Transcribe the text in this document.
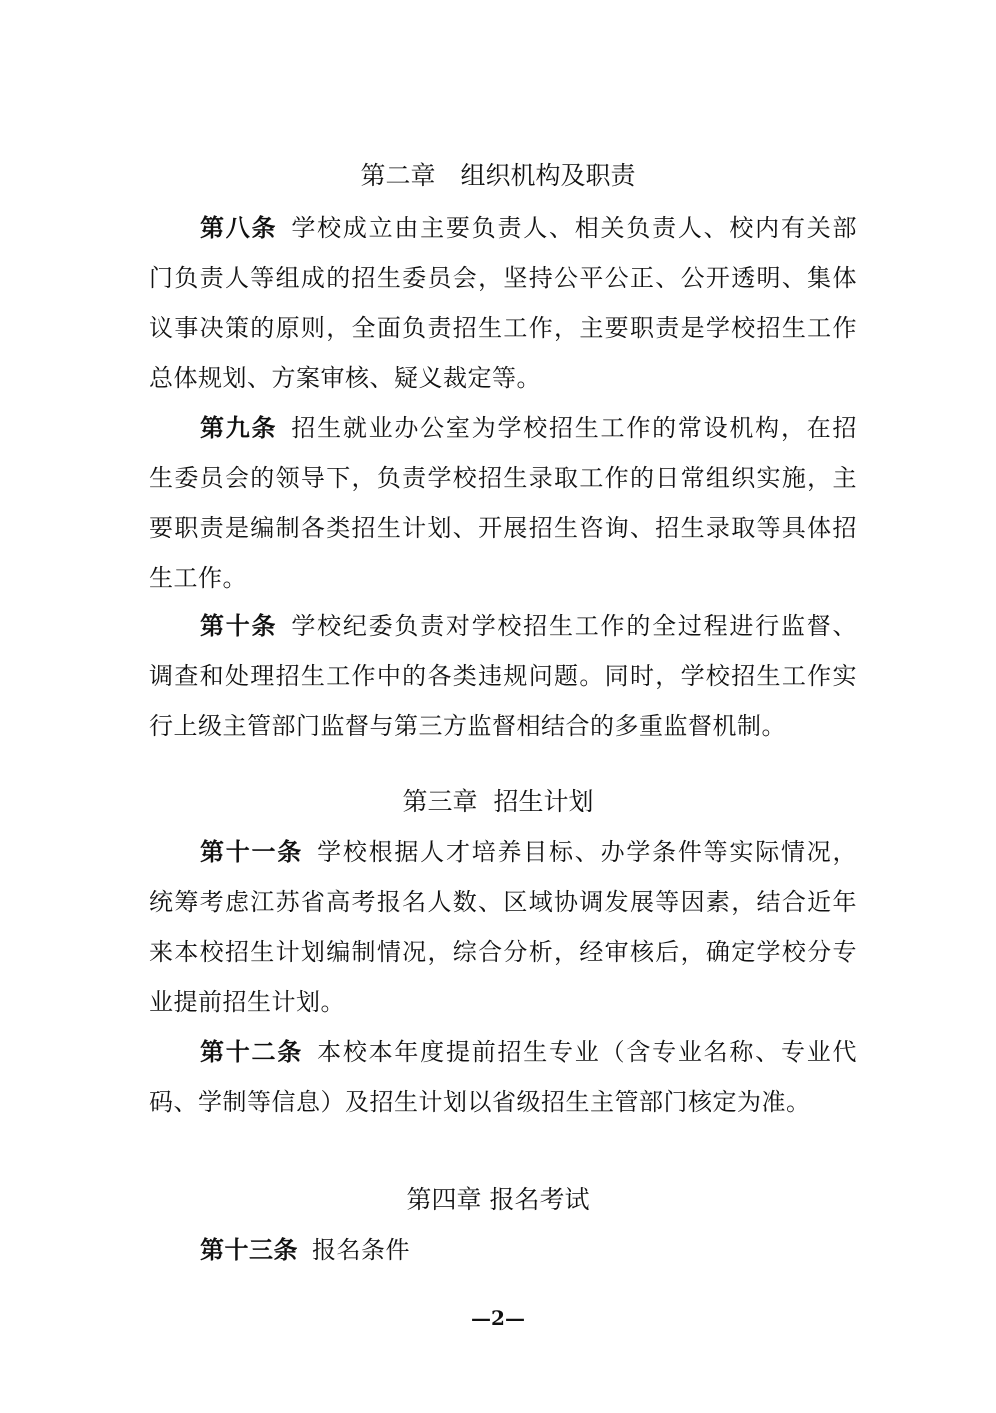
第二章　组织机构及职责

第八条 学校成立由主要负责人、相关负责人、校内有关部

门负责人等组成的招生委员会，坚持公平公正、公开透明、集体

议事决策的原则，全面负责招生工作，主要职责是学校招生工作

总体规划、方案审核、疑义裁定等。

第九条 招生就业办公室为学校招生工作的常设机构，在招

生委员会的领导下，负责学校招生录取工作的日常组织实施，主

要职责是编制各类招生计划、开展招生咨询、招生录取等具体招

生工作。

第十条 学校纪委负责对学校招生工作的全过程进行监督、

调查和处理招生工作中的各类违规问题。同时，学校招生工作实

行上级主管部门监督与第三方监督相结合的多重监督机制。

第三章  招生计划

第十一条 学校根据人才培养目标、办学条件等实际情况，

统筹考虑江苏省高考报名人数、区域协调发展等因素，结合近年

来本校招生计划编制情况，综合分析，经审核后，确定学校分专

业提前招生计划。

第十二条 本校本年度提前招生专业（含专业名称、专业代

码、学制等信息）及招生计划以省级招生主管部门核定为准。

第四章 报名考试

第十三条 报名条件

—2—
